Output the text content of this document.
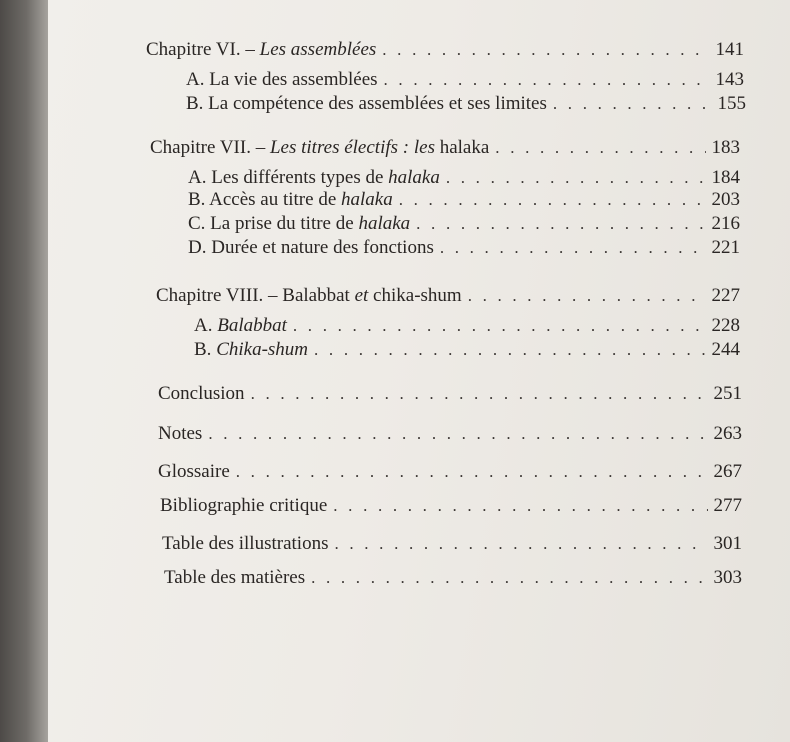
Chapitre VI. – Les assemblées . . .	141
A. La vie des assemblées . . .	143
B. La compétence des assemblées et ses limites . . .	155
Chapitre VII. – Les titres électifs : les halaka . . .	183
A. Les différents types de halaka . . .	184
B. Accès au titre de halaka . . .	203
C. La prise du titre de halaka . . .	216
D. Durée et nature des fonctions . . .	221
Chapitre VIII. – Balabbat et chika-shum . . .	227
A. Balabbat . . .	228
B. Chika-shum . . .	244
Conclusion . . .	251
Notes . . .	263
Glossaire . . .	267
Bibliographie critique . . .	277
Table des illustrations . . .	301
Table des matières . . .	303
